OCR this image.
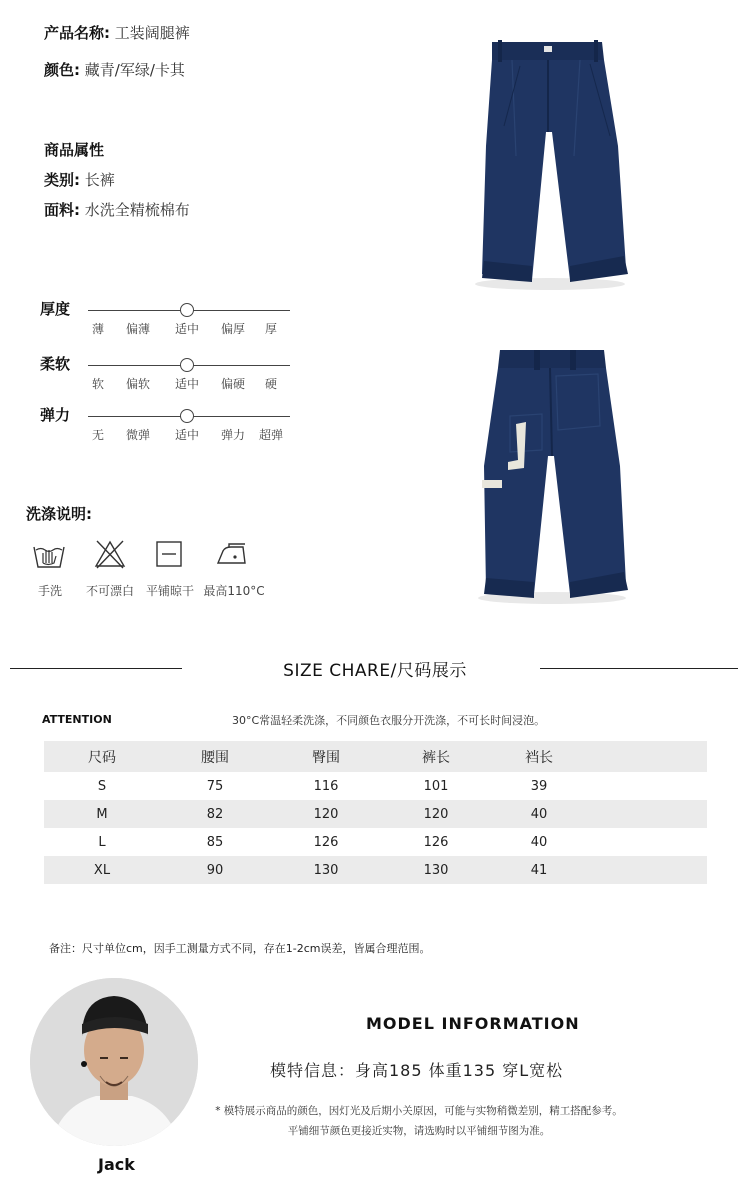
产品名称: 工装阔腿裤
颜色: 藏青/军绿/卡其
商品属性
类别: 长裤
面料: 水洗全精梳棉布
厚度
薄 偏薄 适中 偏厚 厚
柔软
软 偏软 适中 偏硬 硬
弹力
无 微弹 适中 弹力 超弹
洗涤说明:
手洗 不可漂白 平铺晾干 最高110°C
SIZE CHARE/尺码展示
ATTENTION	30°C常温轻柔洗涤，不同颜色衣服分开洗涤，不可长时间浸泡。
尺码	腰围	臀围	裤长	裆长	
S	75	116	101	39	
M	82	120	120	40	
L	85	126	126	40	
XL	90	130	130	41	
备注：尺寸单位cm，因手工测量方式不同，存在1-2cm误差，皆属合理范围。
Jack
MODEL INFORMATION
模特信息：身高185 体重135 穿L宽松
* 模特展示商品的颜色，因灯光及后期小关原因，可能与实物稍微差别，精工搭配参考。
平铺细节颜色更接近实物，请选购时以平铺细节图为准。
